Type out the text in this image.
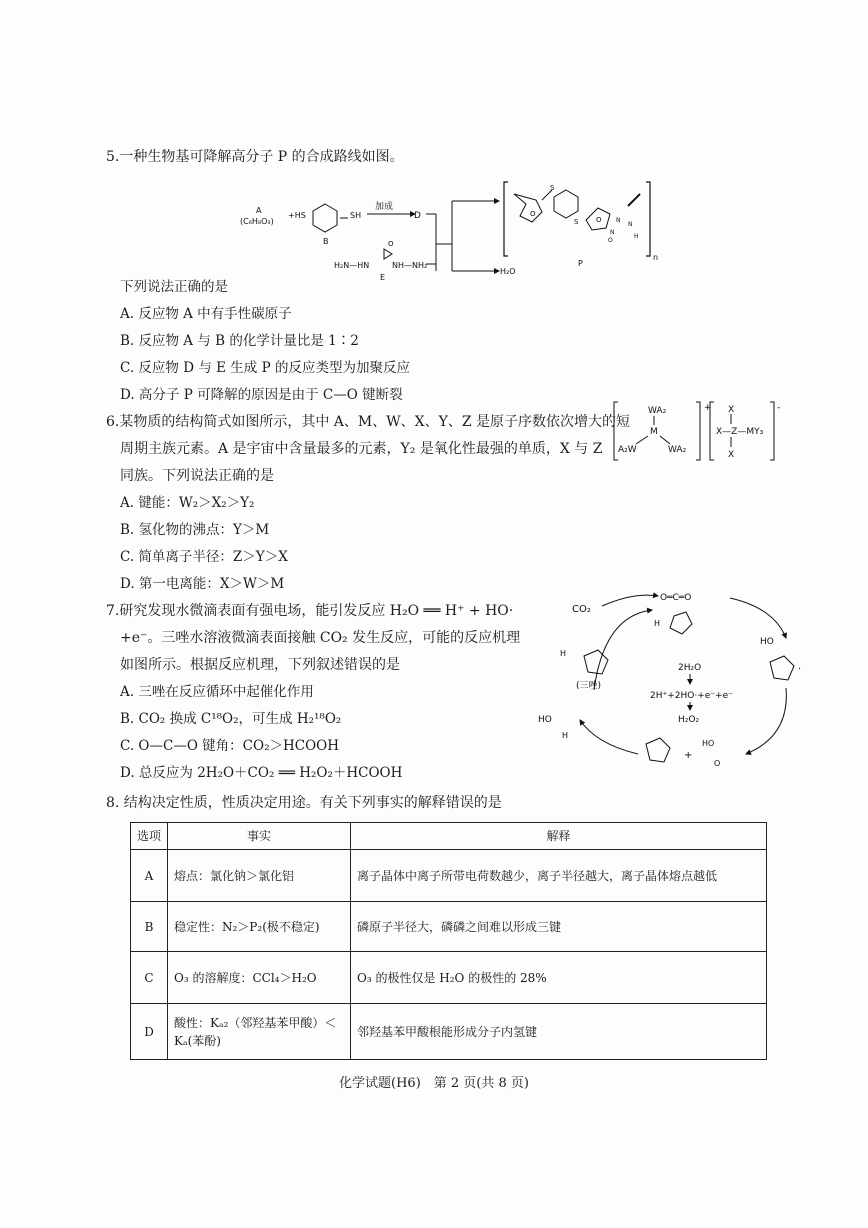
5.一种生物基可降解高分子 P 的合成路线如图。
A
(C₆H₈O₃)
+HS	SH
B
加成
D
H₂N—HN
O
NH—NH₂
E
H₂O
O
S
S	O N
N
O
N
H
n
P
下列说法正确的是
A. 反应物 A 中有手性碳原子
B. 反应物 A 与 B 的化学计量比是 1∶2
C. 反应物 D 与 E 生成 P 的反应类型为加聚反应
D. 高分子 P 可降解的原因是由于 C—O 键断裂
6.某物质的结构简式如图所示，其中 A、M、W、X、Y、Z 是原子序数依次增大的短
周期主族元素。A 是宇宙中含量最多的元素，Y₂ 是氧化性最强的单质，X 与 Z
同族。下列说法正确的是
A. 键能：W₂＞X₂＞Y₂
B. 氢化物的沸点：Y＞M
C. 简单离子半径：Z＞Y＞X
D. 第一电离能：X＞W＞M
+
WA₂
M
A₂W	WA₂
-
X
X—Z—MY₃
X
7.研究发现水微滴表面有强电场，能引发反应 H₂O ══ H⁺ + HO·
+e⁻。三唑水溶液微滴表面接触 CO₂ 发生反应，可能的反应机理
如图所示。根据反应机理，下列叙述错误的是
A. 三唑在反应循环中起催化作用
B. CO₂ 换成 C¹⁸O₂，可生成 H₂¹⁸O₂
C. O—C—O 键角：CO₂＞HCOOH
D. 总反应为 2H₂O＋CO₂ ══ H₂O₂＋HCOOH
CO₂
O═C═O
H
H
(三唑)
2H₂O
2H⁺+2HO·+e⁻+e⁻
H₂O₂
HO
·
HO
H
+
HO
O
8. 结构决定性质，性质决定用途。有关下列事实的解释错误的是
选项	事实	解释
A	熔点：氯化钠＞氯化铝	离子晶体中离子所带电荷数越少，离子半径越大，离子晶体熔点越低
B	稳定性：N₂＞P₂(极不稳定)	磷原子半径大，磷磷之间难以形成三键
C	O₃ 的溶解度：CCl₄＞H₂O	O₃ 的极性仅是 H₂O 的极性的 28%
D	酸性：Kₐ₂（邻羟基苯甲酸）＜ Kₐ(苯酚)	邻羟基苯甲酸根能形成分子内氢键
化学试题(H6)　第 2 页(共 8 页)
